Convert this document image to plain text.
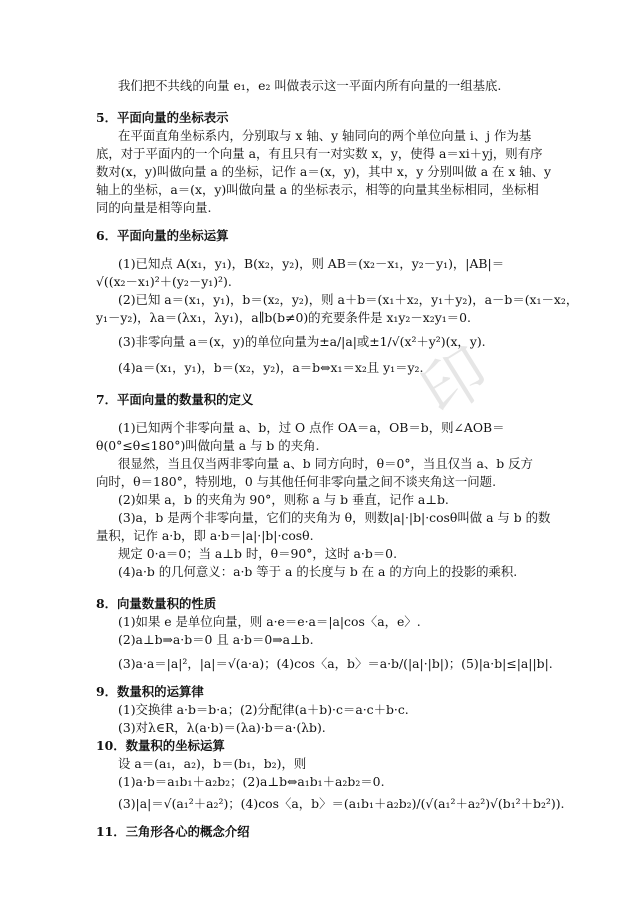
印
我们把不共线的向量 e₁，e₂ 叫做表示这一平面内所有向量的一组基底.
5．平面向量的坐标表示
在平面直角坐标系内，分别取与 x 轴、y 轴同向的两个单位向量 i、j 作为基
底，对于平面内的一个向量 a，有且只有一对实数 x，y，使得 a＝xi＋yj，则有序
数对(x，y)叫做向量 a 的坐标，记作 a＝(x，y)，其中 x，y 分别叫做 a 在 x 轴、y
轴上的坐标，a＝(x，y)叫做向量 a 的坐标表示，相等的向量其坐标相同，坐标相
同的向量是相等向量.
6．平面向量的坐标运算
(1)已知点 A(x₁，y₁)，B(x₂，y₂)，则 AB＝(x₂－x₁，y₂－y₁)，|AB|＝
√((x₂－x₁)²＋(y₂－y₁)²).
(2)已知 a＝(x₁，y₁)，b＝(x₂，y₂)，则 a＋b＝(x₁＋x₂，y₁＋y₂)，a－b＝(x₁－x₂，
y₁－y₂)，λa＝(λx₁，λy₁)，a∥b(b≠0)的充要条件是 x₁y₂－x₂y₁＝0.
(3)非零向量 a＝(x，y)的单位向量为±a/|a|或±1/√(x²＋y²)(x，y).
(4)a＝(x₁，y₁)，b＝(x₂，y₂)，a＝b⇔x₁＝x₂且 y₁＝y₂.
7．平面向量的数量积的定义
(1)已知两个非零向量 a、b，过 O 点作 OA＝a，OB＝b，则∠AOB＝
θ(0°≤θ≤180°)叫做向量 a 与 b 的夹角.
很显然，当且仅当两非零向量 a、b 同方向时，θ＝0°，当且仅当 a、b 反方
向时，θ＝180°，特别地，0 与其他任何非零向量之间不谈夹角这一问题.
(2)如果 a，b 的夹角为 90°，则称 a 与 b 垂直，记作 a⊥b.
(3)a，b 是两个非零向量，它们的夹角为 θ，则数|a|·|b|·cosθ叫做 a 与 b 的数
量积，记作 a·b，即 a·b＝|a|·|b|·cosθ.
规定 0·a＝0；当 a⊥b 时，θ＝90°，这时 a·b＝0.
(4)a·b 的几何意义：a·b 等于 a 的长度与 b 在 a 的方向上的投影的乘积.
8．向量数量积的性质
(1)如果 e 是单位向量，则 a·e＝e·a＝|a|cos〈a，e〉.
(2)a⊥b⇒a·b＝0 且 a·b＝0⇒a⊥b.
(3)a·a＝|a|²，|a|＝√(a·a)；(4)cos〈a，b〉＝a·b/(|a|·|b|)；(5)|a·b|≤|a||b|.
9．数量积的运算律
(1)交换律 a·b＝b·a；(2)分配律(a＋b)·c＝a·c＋b·c.
(3)对λ∈R，λ(a·b)＝(λa)·b＝a·(λb).
10．数量积的坐标运算
设 a＝(a₁，a₂)，b＝(b₁，b₂)，则
(1)a·b＝a₁b₁＋a₂b₂；(2)a⊥b⇔a₁b₁＋a₂b₂＝0.
(3)|a|＝√(a₁²＋a₂²)；(4)cos〈a，b〉＝(a₁b₁＋a₂b₂)/(√(a₁²＋a₂²)√(b₁²＋b₂²)).
11．三角形各心的概念介绍
